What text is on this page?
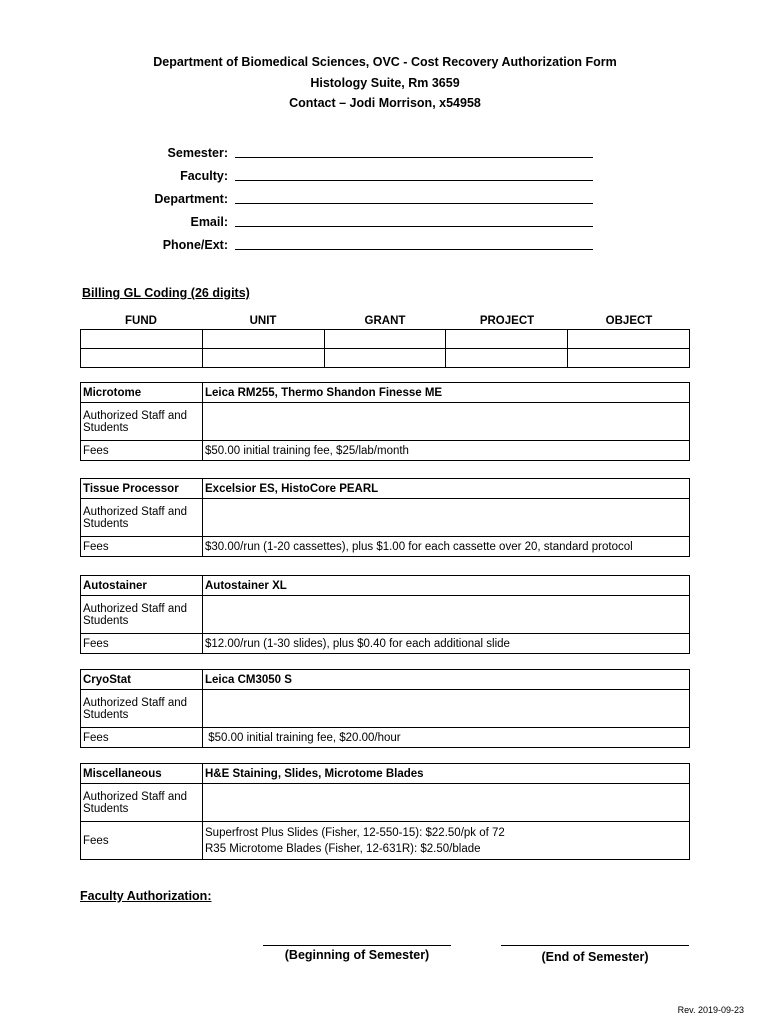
Department of Biomedical Sciences, OVC - Cost Recovery Authorization Form
Histology Suite, Rm 3659
Contact – Jodi Morrison, x54958
Semester:
Faculty:
Department:
Email:
Phone/Ext:
Billing GL Coding (26 digits)
FUND	UNIT	GRANT	PROJECT	OBJECT

Microtome	Leica RM255, Thermo Shandon Finesse ME
Authorized Staff and Students	
Fees	$50.00 initial training fee, $25/lab/month
Tissue Processor	Excelsior ES, HistoCore PEARL
Authorized Staff and Students	
Fees	$30.00/run (1-20 cassettes), plus $1.00 for each cassette over 20, standard protocol
Autostainer	Autostainer XL
Authorized Staff and Students	
Fees	$12.00/run (1-30 slides), plus $0.40 for each additional slide
CryoStat	Leica CM3050 S
Authorized Staff and Students	
Fees	$50.00 initial training fee, $20.00/hour
Miscellaneous	H&E Staining, Slides, Microtome Blades
Authorized Staff and Students	
Fees	Superfrost Plus Slides (Fisher, 12-550-15): $22.50/pk of 72
R35 Microtome Blades (Fisher, 12-631R): $2.50/blade
Faculty Authorization:
(Beginning of Semester)	(End of Semester)
Rev. 2019-09-23
